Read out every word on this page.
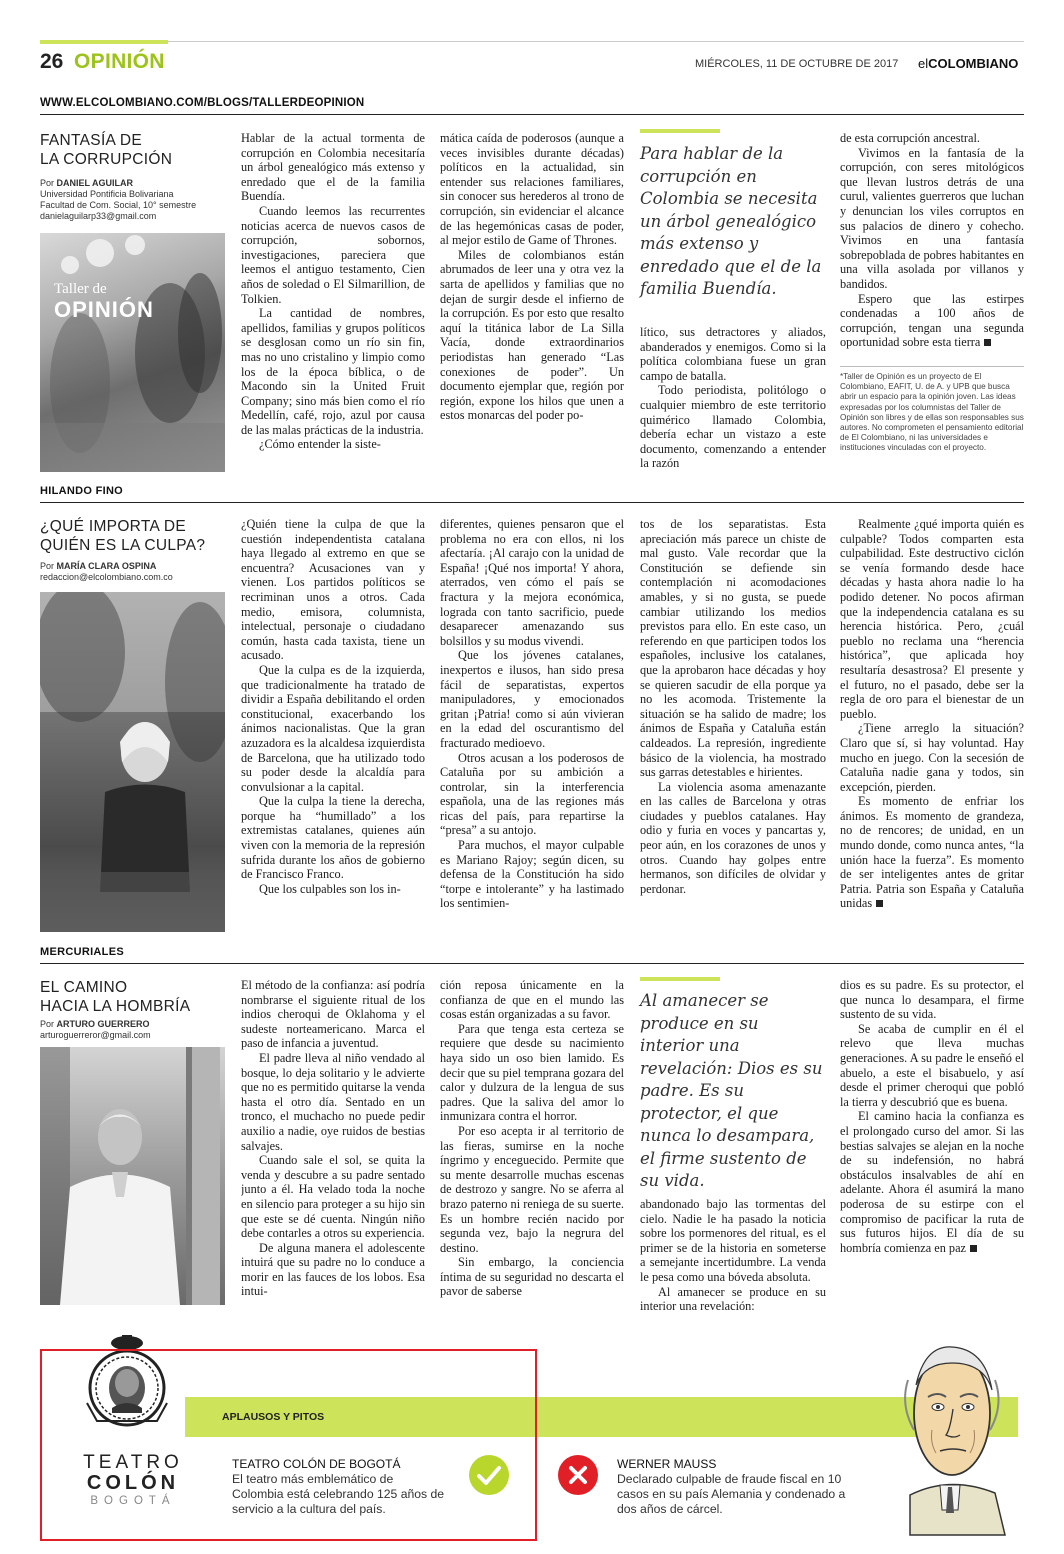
26 OPINIÓN	MIÉRCOLES, 11 DE OCTUBRE DE 2017 elCOLOMBIANO
WWW.ELCOLOMBIANO.COM/BLOGS/TALLERDEOPINION
FANTASÍA DE
LA CORRUPCIÓN
Por DANIEL AGUILAR
Universidad Pontificia Bolivariana
Facultad de Com. Social, 10° semestre
danielaguilarp33@gmail.com
Taller de
OPINIÓN

Hablar de la actual tormenta de corrupción en Colombia necesitaría un árbol genealógico más extenso y enredado que el de la familia Buendía.

Cuando leemos las recurrentes noticias acerca de nuevos casos de corrupción, sobornos, investigaciones, pareciera que leemos el antiguo testamento, Cien años de soledad o El Silmarillion, de Tolkien.

La cantidad de nombres, apellidos, familias y grupos políticos se desglosan como un río sin fin, mas no uno cristalino y limpio como los de la época bíblica, o de Macondo sin la United Fruit Company; sino más bien como el río Medellín, café, rojo, azul por causa de las malas prácticas de la industria.

¿Cómo entender la siste-

mática caída de poderosos (aunque a veces invisibles durante décadas) políticos en la actualidad, sin entender sus relaciones familiares, sin conocer sus herederos al trono de corrupción, sin evidenciar el alcance de las hegemónicas casas de poder, al mejor estilo de Game of Thrones.

Miles de colombianos están abrumados de leer una y otra vez la sarta de apellidos y familias que no dejan de surgir desde el infierno de la corrupción. Es por esto que resalto aquí la titánica labor de La Silla Vacía, donde extraordinarios periodistas han generado “Las conexiones de poder”. Un documento ejemplar que, región por región, expone los hilos que unen a estos monarcas del poder po-

Para hablar de la corrupción en Colombia se necesita un árbol genealógico más extenso y enredado que el de la familia Buendía.

lítico, sus detractores y aliados, abanderados y enemigos. Como si la política colombiana fuese un gran campo de batalla.

Todo periodista, politólogo o cualquier miembro de este territorio quimérico llamado Colombia, debería echar un vistazo a este documento, comenzando a entender la razón

de esta corrupción ancestral.

Vivimos en la fantasía de la corrupción, con seres mitológicos que llevan lustros detrás de una curul, valientes guerreros que luchan y denuncian los viles corruptos en sus palacios de dinero y cohecho. Vivimos en una fantasía sobrepoblada de pobres habitantes en una villa asolada por villanos y bandidos.

Espero que las estirpes condenadas a 100 años de corrupción, tengan una segunda oportunidad sobre esta tierra

*Taller de Opinión es un proyecto de El Colombiano, EAFIT, U. de A. y UPB que busca abrir un espacio para la opinión joven. Las ideas expresadas por los columnistas del Taller de Opinión son libres y de ellas son responsables sus autores. No comprometen el pensamiento editorial de El Colombiano, ni las universidades e instituciones vinculadas con el proyecto.
HILANDO FINO
¿QUÉ IMPORTA DE
QUIÉN ES LA CULPA?
Por MARÍA CLARA OSPINA
redaccion@elcolombiano.com.co

¿Quién tiene la culpa de que la cuestión independentista catalana haya llegado al extremo en que se encuentra? Acusaciones van y vienen. Los partidos políticos se recriminan unos a otros. Cada medio, emisora, columnista, intelectual, personaje o ciudadano común, hasta cada taxista, tiene un acusado.

Que la culpa es de la izquierda, que tradicionalmente ha tratado de dividir a España debilitando el orden constitucional, exacerbando los ánimos nacionalistas. Que la gran azuzadora es la alcaldesa izquierdista de Barcelona, que ha utilizado todo su poder desde la alcaldía para convulsionar a la capital.

Que la culpa la tiene la derecha, porque ha “humillado” a los extremistas catalanes, quienes aún viven con la memoria de la represión sufrida durante los años de gobierno de Francisco Franco.

Que los culpables son los in-

diferentes, quienes pensaron que el problema no era con ellos, ni los afectaría. ¡Al carajo con la unidad de España! ¡Qué nos importa! Y ahora, aterrados, ven cómo el país se fractura y la mejora económica, lograda con tanto sacrificio, puede desaparecer amenazando sus bolsillos y su modus vivendi.

Que los jóvenes catalanes, inexpertos e ilusos, han sido presa fácil de separatistas, expertos manipuladores, y emocionados gritan ¡Patria! como si aún vivieran en la edad del oscurantismo del fracturado medioevo.

Otros acusan a los poderosos de Cataluña por su ambición a controlar, sin la interferencia española, una de las regiones más ricas del país, para repartirse la “presa” a su antojo.

Para muchos, el mayor culpable es Mariano Rajoy; según dicen, su defensa de la Constitución ha sido “torpe e intolerante” y ha lastimado los sentimien-

tos de los separatistas. Esta apreciación más parece un chiste de mal gusto. Vale recordar que la Constitución se defiende sin contemplación ni acomodaciones amables, y si no gusta, se puede cambiar utilizando los medios previstos para ello. En este caso, un referendo en que participen todos los españoles, inclusive los catalanes, que la aprobaron hace décadas y hoy se quieren sacudir de ella porque ya no les acomoda. Tristemente la situación se ha salido de madre; los ánimos de España y Cataluña están caldeados. La represión, ingrediente básico de la violencia, ha mostrado sus garras detestables e hirientes.

La violencia asoma amenazante en las calles de Barcelona y otras ciudades y pueblos catalanes. Hay odio y furia en voces y pancartas y, peor aún, en los corazones de unos y otros. Cuando hay golpes entre hermanos, son difíciles de olvidar y perdonar.

Realmente ¿qué importa quién es culpable? Todos comparten esta culpabilidad. Este destructivo ciclón se venía formando desde hace décadas y hasta ahora nadie lo ha podido detener. No pocos afirman que la independencia catalana es su herencia histórica. Pero, ¿cuál pueblo no reclama una “herencia histórica”, que aplicada hoy resultaría desastrosa? El presente y el futuro, no el pasado, debe ser la regla de oro para el bienestar de un pueblo.

¿Tiene arreglo la situación? Claro que sí, si hay voluntad. Hay mucho en juego. Con la secesión de Cataluña nadie gana y todos, sin excepción, pierden.

Es momento de enfriar los ánimos. Es momento de grandeza, no de rencores; de unidad, en un mundo donde, como nunca antes, “la unión hace la fuerza”. Es momento de ser inteligentes antes de gritar Patria. Patria son España y Cataluña unidas

MERCURIALES
EL CAMINO
HACIA LA HOMBRÍA
Por ARTURO GUERRERO
arturoguerreror@gmail.com

El método de la confianza: así podría nombrarse el siguiente ritual de los indios cheroqui de Oklahoma y el sudeste norteamericano. Marca el paso de infancia a juventud.

El padre lleva al niño vendado al bosque, lo deja solitario y le advierte que no es permitido quitarse la venda hasta el otro día. Sentado en un tronco, el muchacho no puede pedir auxilio a nadie, oye ruidos de bestias salvajes.

Cuando sale el sol, se quita la venda y descubre a su padre sentado junto a él. Ha velado toda la noche en silencio para proteger a su hijo sin que este se dé cuenta. Ningún niño debe contarles a otros su experiencia.

De alguna manera el adolescente intuirá que su padre no lo conduce a morir en las fauces de los lobos. Esa intui-

ción reposa únicamente en la confianza de que en el mundo las cosas están organizadas a su favor.

Para que tenga esta certeza se requiere que desde su nacimiento haya sido un oso bien lamido. Es decir que su piel temprana gozara del calor y dulzura de la lengua de sus padres. Que la saliva del amor lo inmunizara contra el horror.

Por eso acepta ir al territorio de las fieras, sumirse en la noche íngrimo y enceguecido. Permite que su mente desarrolle muchas escenas de destrozo y sangre. No se aferra al brazo paterno ni reniega de su suerte. Es un hombre recién nacido por segunda vez, bajo la negrura del destino.

Sin embargo, la conciencia íntima de su seguridad no descarta el pavor de saberse

Al amanecer se produce en su interior una revelación: Dios es su padre. Es su protector, el que nunca lo desampara, el firme sustento de su vida.

abandonado bajo las tormentas del cielo. Nadie le ha pasado la noticia sobre los pormenores del ritual, es el primer se de la historia en someterse a semejante incertidumbre. La venda le pesa como una bóveda absoluta.

Al amanecer se produce en su interior una revelación:

dios es su padre. Es su protector, el que nunca lo desampara, el firme sustento de su vida.

Se acaba de cumplir en él el relevo que lleva muchas generaciones. A su padre le enseñó el abuelo, a este el bisabuelo, y así desde el primer cheroqui que pobló la tierra y descubrió que es buena.

El camino hacia la confianza es el prolongado curso del amor. Si las bestias salvajes se alejan en la noche de su indefensión, no habrá obstáculos insalvables de ahí en adelante. Ahora él asumirá la mano poderosa de su estirpe con el compromiso de pacificar la ruta de sus futuros hijos. El día de su hombría comienza en paz

APLAUSOS Y PITOS
TEATRO
COLÓN
BOGOTÁ
TEATRO COLÓN DE BOGOTÁ
El teatro más emblemático de Colombia está celebrando 125 años de servicio a la cultura del país.
WERNER MAUSS
Declarado culpable de fraude fiscal en 10 casos en su país Alemania y condenado a dos años de cárcel.
